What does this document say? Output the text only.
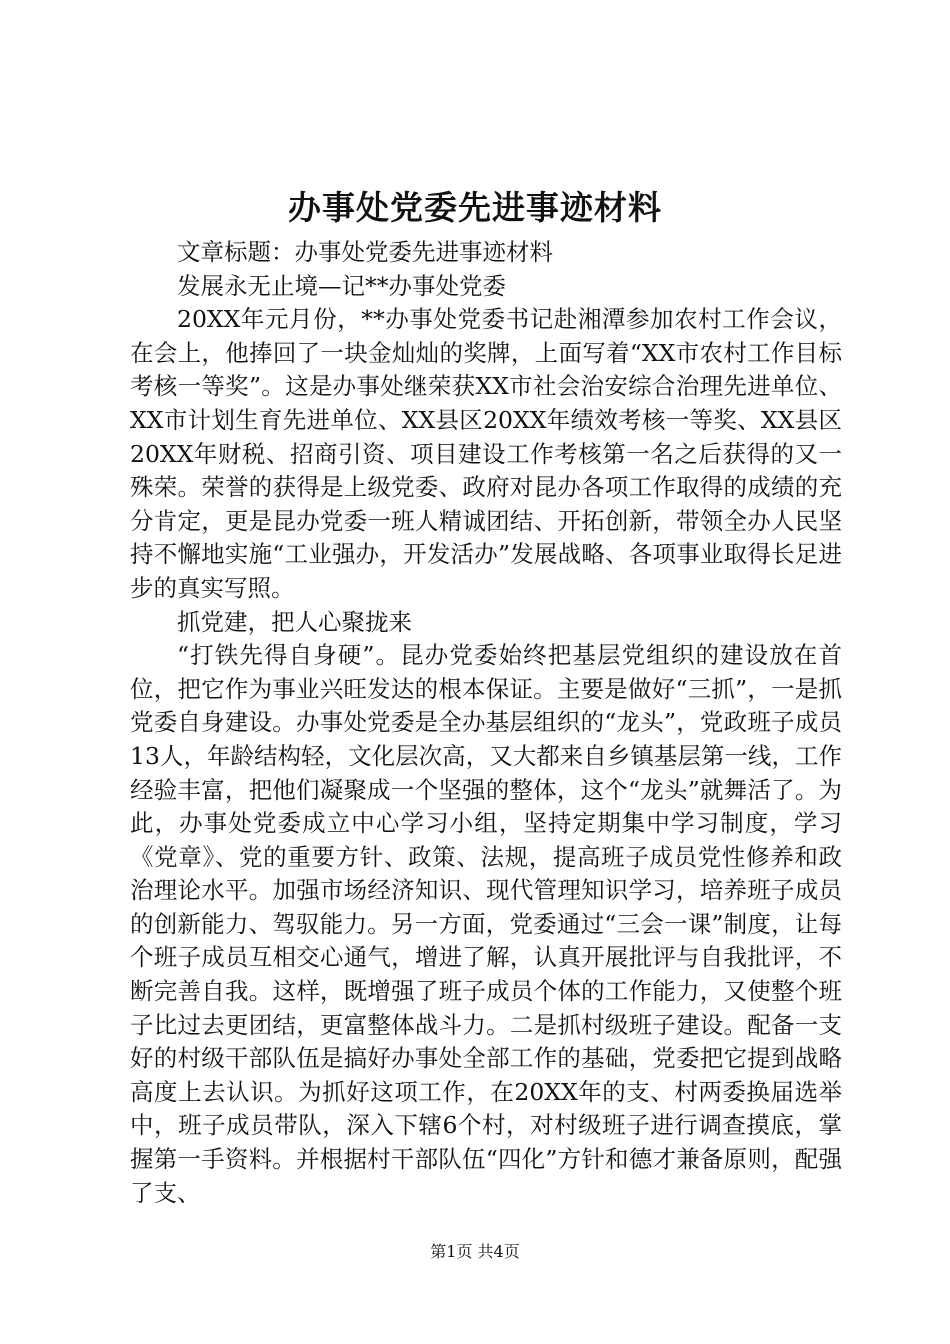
办事处党委先进事迹材料

文章标题：办事处党委先进事迹材料

发展永无止境—记**办事处党委

20XX年元月份，**办事处党委书记赴湘潭参加农村工作会议，在会上，他捧回了一块金灿灿的奖牌，上面写着“XX市农村工作目标考核一等奖”。这是办事处继荣获XX市社会治安综合治理先进单位、XX市计划生育先进单位、XX县区20XX年绩效考核一等奖、XX县区20XX年财税、招商引资、项目建设工作考核第一名之后获得的又一殊荣。荣誉的获得是上级党委、政府对昆办各项工作取得的成绩的充分肯定，更是昆办党委一班人精诚团结、开拓创新，带领全办人民坚持不懈地实施“工业强办，开发活办”发展战略、各项事业取得长足进步的真实写照。

抓党建，把人心聚拢来

“打铁先得自身硬”。昆办党委始终把基层党组织的建设放在首位，把它作为事业兴旺发达的根本保证。主要是做好“三抓”，一是抓党委自身建设。办事处党委是全办基层组织的“龙头”，党政班子成员13人，年龄结构轻，文化层次高，又大都来自乡镇基层第一线，工作经验丰富，把他们凝聚成一个坚强的整体，这个“龙头”就舞活了。为此，办事处党委成立中心学习小组，坚持定期集中学习制度，学习《党章》、党的重要方针、政策、法规，提高班子成员党性修养和政治理论水平。加强市场经济知识、现代管理知识学习，培养班子成员的创新能力、驾驭能力。另一方面，党委通过“三会一课”制度，让每个班子成员互相交心通气，增进了解，认真开展批评与自我批评，不断完善自我。这样，既增强了班子成员个体的工作能力，又使整个班子比过去更团结，更富整体战斗力。二是抓村级班子建设。配备一支好的村级干部队伍是搞好办事处全部工作的基础，党委把它提到战略高度上去认识。为抓好这项工作，在20XX年的支、村两委换届选举中，班子成员带队，深入下辖6个村，对村级班子进行调查摸底，掌握第一手资料。并根据村干部队伍“四化”方针和德才兼备原则，配强了支、

第1页 共4页
